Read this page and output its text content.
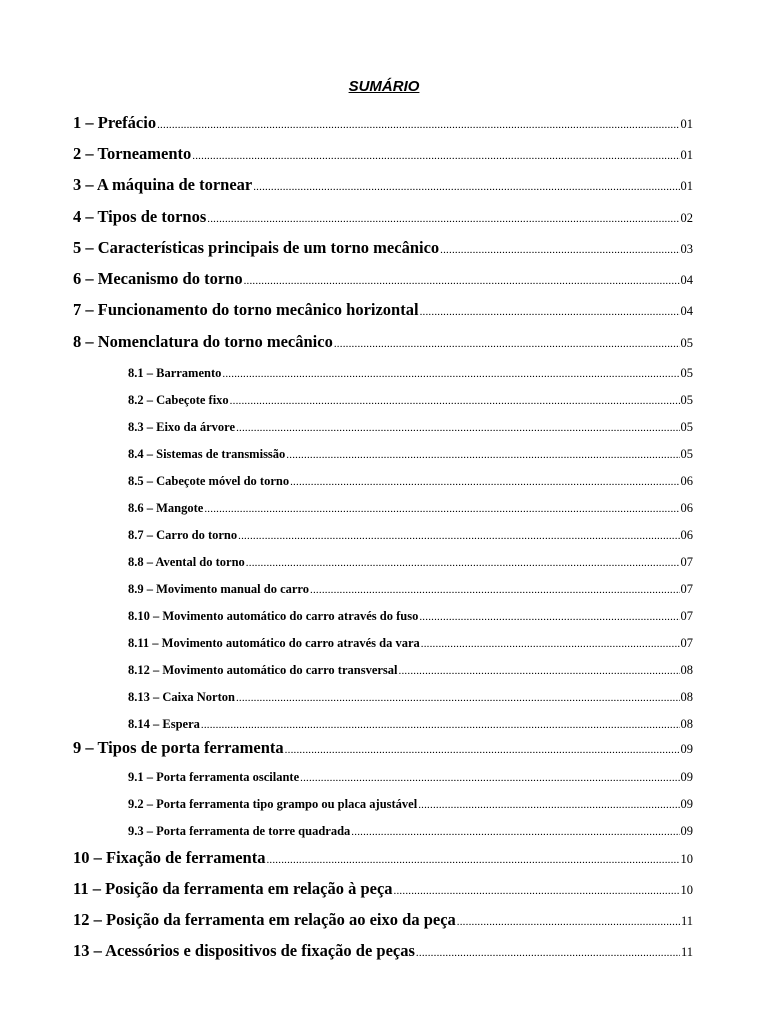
SUMÁRIO
1 – Prefácio .....	01
2 – Torneamento .....	01
3 – A máquina de tornear .....	01
4 – Tipos de tornos .....	02
5 – Características principais de um torno mecânico .....	03
6 – Mecanismo do torno .....	04
7 – Funcionamento do torno mecânico horizontal .....	04
8 – Nomenclatura do torno mecânico .....	05
8.1 – Barramento .....	05
8.2 – Cabeçote fixo .....	05
8.3 – Eixo da árvore .....	05
8.4 – Sistemas de transmissão .....	05
8.5 – Cabeçote móvel do torno .....	06
8.6 – Mangote .....	06
8.7 – Carro do torno .....	06
8.8 – Avental do torno .....	07
8.9 – Movimento manual do carro .....	07
8.10 – Movimento automático do carro através do fuso .....	07
8.11 – Movimento automático do carro através da vara .....	07
8.12 – Movimento automático do carro transversal .....	08
8.13 – Caixa Norton .....	08
8.14 – Espera .....	08
9 – Tipos de porta ferramenta .....	09
9.1 – Porta ferramenta oscilante .....	09
9.2 – Porta ferramenta tipo grampo ou placa ajustável .....	09
9.3 – Porta ferramenta de torre quadrada .....	09
10 – Fixação de ferramenta .....	10
11 – Posição da ferramenta em relação à peça .....	10
12 – Posição da ferramenta em relação ao eixo da peça .....	11
13 – Acessórios e dispositivos de fixação de peças .....	11
